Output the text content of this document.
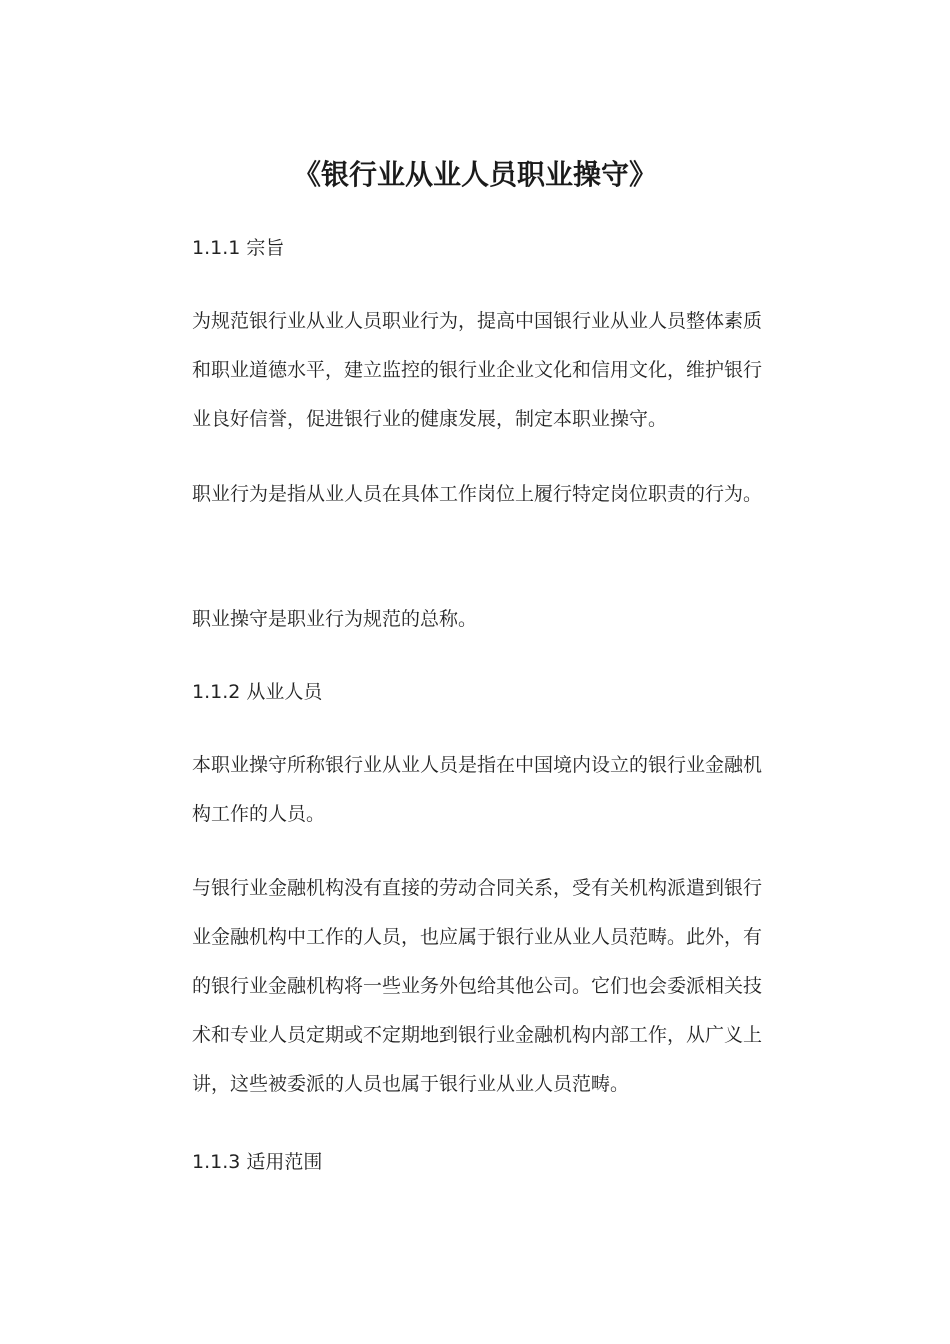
《银行业从业人员职业操守》

1.1.1 宗旨

为规范银行业从业人员职业行为，提高中国银行业从业人员整体素质和职业道德水平，建立监控的银行业企业文化和信用文化，维护银行业良好信誉，促进银行业的健康发展，制定本职业操守。

职业行为是指从业人员在具体工作岗位上履行特定岗位职责的行为。

职业操守是职业行为规范的总称。

1.1.2 从业人员

本职业操守所称银行业从业人员是指在中国境内设立的银行业金融机构工作的人员。

与银行业金融机构没有直接的劳动合同关系，受有关机构派遣到银行业金融机构中工作的人员，也应属于银行业从业人员范畴。此外，有的银行业金融机构将一些业务外包给其他公司。它们也会委派相关技术和专业人员定期或不定期地到银行业金融机构内部工作，从广义上讲，这些被委派的人员也属于银行业从业人员范畴。

1.1.3 适用范围
